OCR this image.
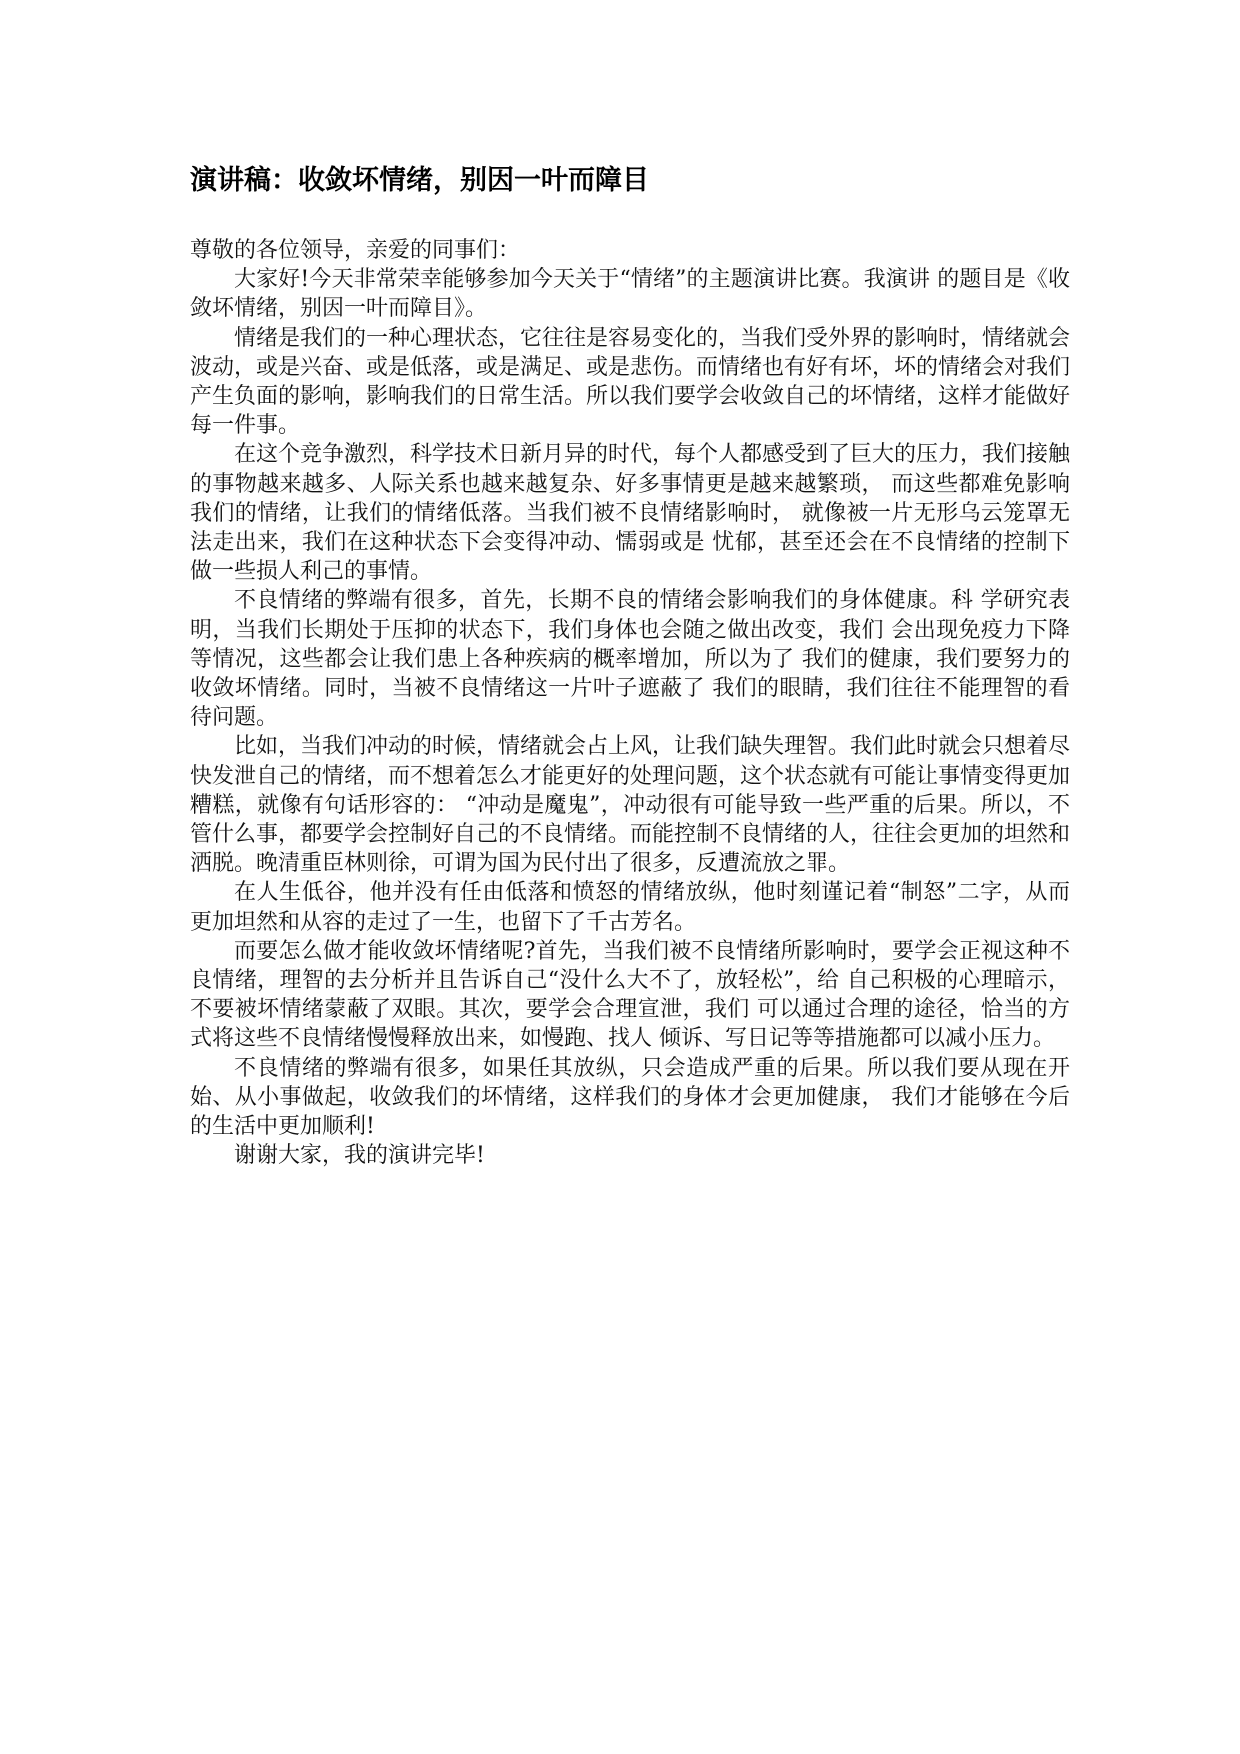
演讲稿：收敛坏情绪，别因一叶而障目

尊敬的各位领导，亲爱的同事们：

大家好!今天非常荣幸能够参加今天关于“情绪”的主题演讲比赛。我演讲 的题目是《收敛坏情绪，别因一叶而障目》。

情绪是我们的一种心理状态，它往往是容易变化的，当我们受外界的影响时，情绪就会波动，或是兴奋、或是低落，或是满足、或是悲伤。而情绪也有好有坏，坏的情绪会对我们产生负面的影响，影响我们的日常生活。所以我们要学会收敛自己的坏情绪，这样才能做好每一件事。

在这个竞争激烈，科学技术日新月异的时代，每个人都感受到了巨大的压力，我们接触的事物越来越多、人际关系也越来越复杂、好多事情更是越来越繁琐， 而这些都难免影响我们的情绪，让我们的情绪低落。当我们被不良情绪影响时， 就像被一片无形乌云笼罩无法走出来，我们在这种状态下会变得冲动、懦弱或是 忧郁，甚至还会在不良情绪的控制下做一些损人利己的事情。

不良情绪的弊端有很多，首先，长期不良的情绪会影响我们的身体健康。科 学研究表明，当我们长期处于压抑的状态下，我们身体也会随之做出改变，我们 会出现免疫力下降等情况，这些都会让我们患上各种疾病的概率增加，所以为了 我们的健康，我们要努力的收敛坏情绪。同时，当被不良情绪这一片叶子遮蔽了 我们的眼睛，我们往往不能理智的看待问题。

比如，当我们冲动的时候，情绪就会占上风，让我们缺失理智。我们此时就会只想着尽快发泄自己的情绪，而不想着怎么才能更好的处理问题，这个状态就有可能让事情变得更加糟糕，就像有句话形容的： “冲动是魔鬼”，冲动很有可能导致一些严重的后果。所以，不管什么事，都要学会控制好自己的不良情绪。而能控制不良情绪的人，往往会更加的坦然和洒脱。晚清重臣林则徐，可谓为国为民付出了很多，反遭流放之罪。

在人生低谷，他并没有任由低落和愤怒的情绪放纵，他时刻谨记着“制怒”二字，从而更加坦然和从容的走过了一生，也留下了千古芳名。

而要怎么做才能收敛坏情绪呢?首先，当我们被不良情绪所影响时，要学会正视这种不良情绪，理智的去分析并且告诉自己“没什么大不了，放轻松”，给 自己积极的心理暗示，不要被坏情绪蒙蔽了双眼。其次，要学会合理宣泄，我们 可以通过合理的途径，恰当的方式将这些不良情绪慢慢释放出来，如慢跑、找人 倾诉、写日记等等措施都可以减小压力。

不良情绪的弊端有很多，如果任其放纵，只会造成严重的后果。所以我们要从现在开始、从小事做起，收敛我们的坏情绪，这样我们的身体才会更加健康， 我们才能够在今后的生活中更加顺利!

谢谢大家，我的演讲完毕!
